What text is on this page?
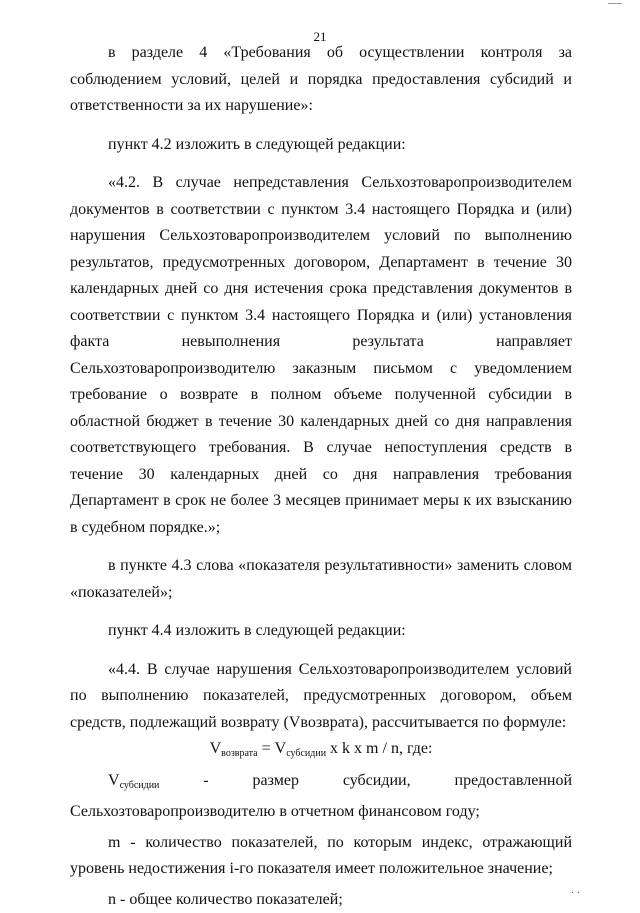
21

в разделе 4 «Требования об осуществлении контроля за соблюдением условий, целей и порядка предоставления субсидий и ответственности за их нарушение»:

пункт 4.2 изложить в следующей редакции:

«4.2. В случае непредставления Сельхозтоваропроизводителем документов в соответствии с пунктом 3.4 настоящего Порядка и (или) нарушения Сельхозтоваропроизводителем условий по выполнению результатов, предусмотренных договором, Департамент в течение 30 календарных дней со дня истечения срока представления документов в соответствии с пунктом 3.4 настоящего Порядка и (или) установления факта невыполнения результата направляет Сельхозтоваропроизводителю заказным письмом с уведомлением требование о возврате в полном объеме полученной субсидии в областной бюджет в течение 30 календарных дней со дня направления соответствующего требования. В случае непоступления средств в течение 30 календарных дней со дня направления требования Департамент в срок не более 3 месяцев принимает меры к их взысканию в судебном порядке.»;

в пункте 4.3 слова «показателя результативности» заменить словом «показателей»;

пункт 4.4 изложить в следующей редакции:

«4.4. В случае нарушения Сельхозтоваропроизводителем условий по выполнению показателей, предусмотренных договором, объем средств, подлежащий возврату (Vвозврата), рассчитывается по формуле:

$V_{возврата} = V_{субсидии}$ x k x m / n, где:

$V_{субсидии}$ - размер субсидии, предоставленной Сельхозтоваропроизводителю в отчетном финансовом году;

m - количество показателей, по которым индекс, отражающий уровень недостижения i-го показателя имеет положительное значение;

n - общее количество показателей;	· ·
